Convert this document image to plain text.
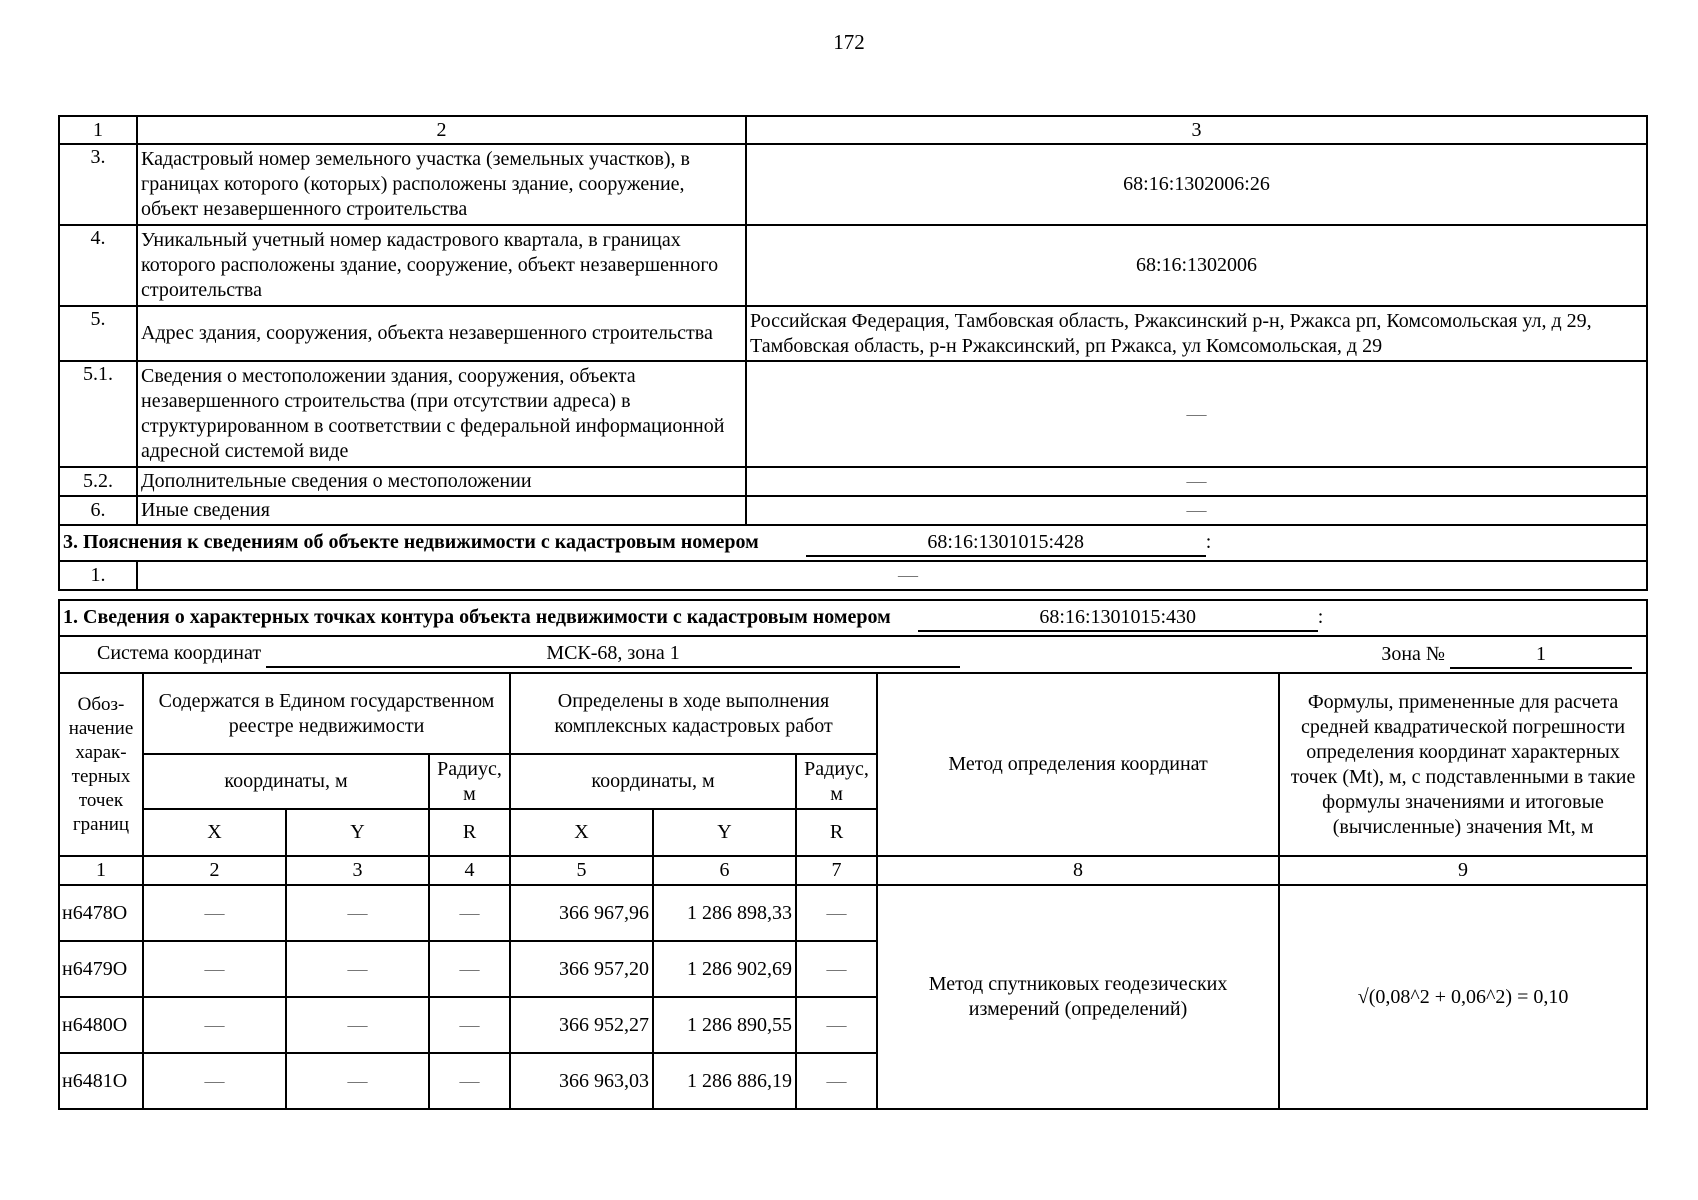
172
1	2	3
3.	Кадастровый номер земельного участка (земельных участков), в границах которого (которых) расположены здание, сооружение, объект незавершенного строительства	68:16:1302006:26
4.	Уникальный учетный номер кадастрового квартала, в границах которого расположены здание, сооружение, объект незавершенного строительства	68:16:1302006
5.	Адрес здания, сооружения, объекта незавершенного строительства	Российская Федерация, Тамбовская область, Ржаксинский р-н, Ржакса рп, Комсомольская ул, д 29, Тамбовская область, р-н Ржаксинский, рп Ржакса, ул Комсомольская, д 29
5.1.	Сведения о местоположении здания, сооружения, объекта незавершенного строительства (при отсутствии адреса) в структурированном в соответствии с федеральной информационной адресной системой виде	—
5.2.	Дополнительные сведения о местоположении	—
6.	Иные сведения	—
3. Пояснения к сведениям об объекте недвижимости с кадастровым номером 68:16:1301015:428 :		
1.	—	
1. Сведения о характерных точках контура объекта недвижимости с кадастровым номером	68:16:1301015:430	:
Система координат	МСК-68, зона 1	Зона №	1
Обоз-начение харак-терных точек границ	Содержатся в Едином государственном реестре недвижимости			Определены в ходе выполнения комплексных кадастровых работ			Метод определения координат	Формулы, примененные для расчета средней квадратической погрешности определения координат характерных точек (Mt), м, с подставленными в такие формулы значениями и итоговые (вычисленные) значения Mt, м
	координаты, м		Радиус, м	координаты, м		Радиус, м		
	X	Y	R	X	Y	R		
1	2	3	4	5	6	7	8	9
н6478О	—	—	—	366 967,96	1 286 898,33	—	Метод спутниковых геодезических измерений (определений)	√(0,08^2 + 0,06^2) = 0,10
н6479О	—	—	—	366 957,20	1 286 902,69	—		
н6480О	—	—	—	366 952,27	1 286 890,55	—		
н6481О	—	—	—	366 963,03	1 286 886,19	—		
